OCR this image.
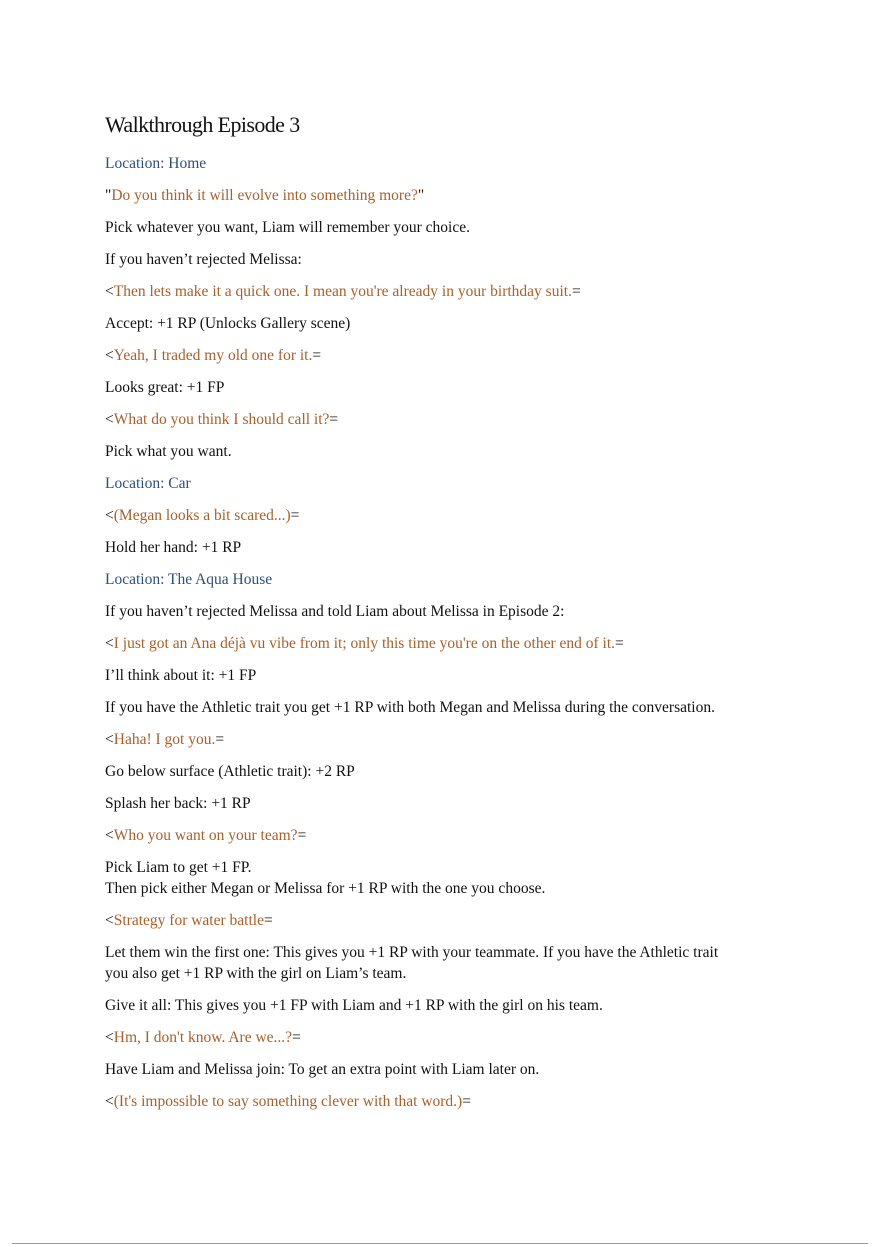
Walkthrough Episode 3
Location: Home
"Do you think it will evolve into something more?"
Pick whatever you want, Liam will remember your choice.
If you haven’t rejected Melissa:
<Then lets make it a quick one. I mean you're already in your birthday suit.=
Accept: +1 RP (Unlocks Gallery scene)
<Yeah, I traded my old one for it.=
Looks great: +1 FP
<What do you think I should call it?=
Pick what you want.
Location: Car
<(Megan looks a bit scared...)=
Hold her hand: +1 RP
Location: The Aqua House
If you haven’t rejected Melissa and told Liam about Melissa in Episode 2:
<I just got an Ana déjà vu vibe from it; only this time you're on the other end of it.=
I’ll think about it: +1 FP
If you have the Athletic trait you get +1 RP with both Megan and Melissa during the conversation.
<Haha! I got you.=
Go below surface (Athletic trait): +2 RP
Splash her back: +1 RP
<Who you want on your team?=
Pick Liam to get +1 FP.
Then pick either Megan or Melissa for +1 RP with the one you choose.
<Strategy for water battle=
Let them win the first one: This gives you +1 RP with your teammate. If you have the Athletic trait you also get +1 RP with the girl on Liam’s team.
Give it all: This gives you +1 FP with Liam and +1 RP with the girl on his team.
<Hm, I don't know. Are we...?=
Have Liam and Melissa join: To get an extra point with Liam later on.
<(It's impossible to say something clever with that word.)=
